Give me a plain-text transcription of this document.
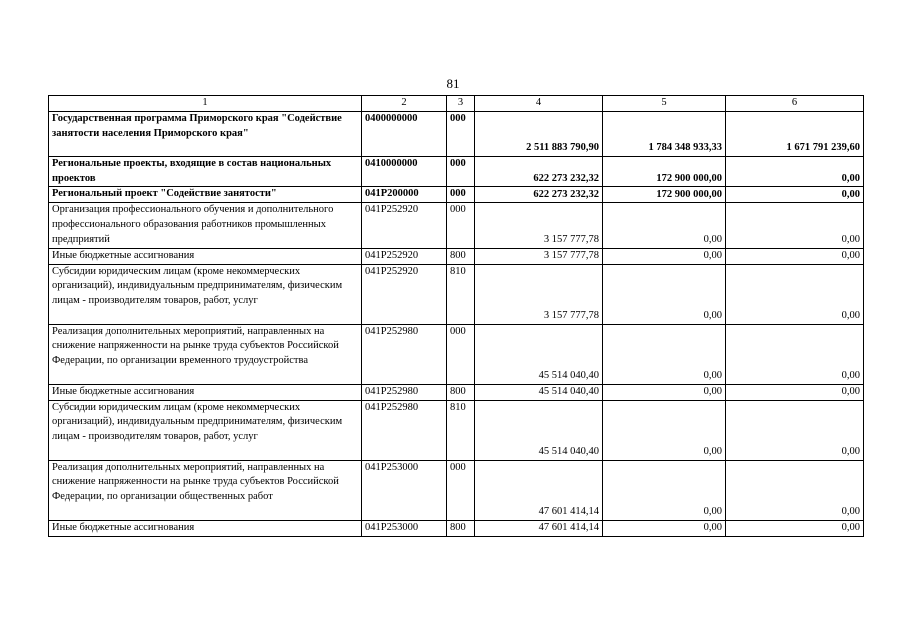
81
1	2	3	4	5	6
Государственная программа Приморского края "Содействие занятости населения Приморского края"	0400000000	000	2 511 883 790,90	1 784 348 933,33	1 671 791 239,60
Региональные проекты, входящие в состав национальных проектов	0410000000	000	622 273 232,32	172 900 000,00	0,00
Региональный проект "Содействие занятости"	041P200000	000	622 273 232,32	172 900 000,00	0,00
Организация профессионального обучения и дополнительного профессионального образования работников промышленных предприятий	041P252920	000	3 157 777,78	0,00	0,00
Иные бюджетные ассигнования	041P252920	800	3 157 777,78	0,00	0,00
Субсидии юридическим лицам (кроме некоммерческих организаций), индивидуальным предпринимателям, физическим лицам - производителям товаров, работ, услуг	041P252920	810	3 157 777,78	0,00	0,00
Реализация дополнительных мероприятий, направленных на снижение напряженности на рынке труда субъектов Российской Федерации, по организации временного трудоустройства	041P252980	000	45 514 040,40	0,00	0,00
Иные бюджетные ассигнования	041P252980	800	45 514 040,40	0,00	0,00
Субсидии юридическим лицам (кроме некоммерческих организаций), индивидуальным предпринимателям, физическим лицам - производителям товаров, работ, услуг	041P252980	810	45 514 040,40	0,00	0,00
Реализация дополнительных мероприятий, направленных на снижение напряженности на рынке труда субъектов Российской Федерации, по организации общественных работ	041P253000	000	47 601 414,14	0,00	0,00
Иные бюджетные ассигнования	041P253000	800	47 601 414,14	0,00	0,00
